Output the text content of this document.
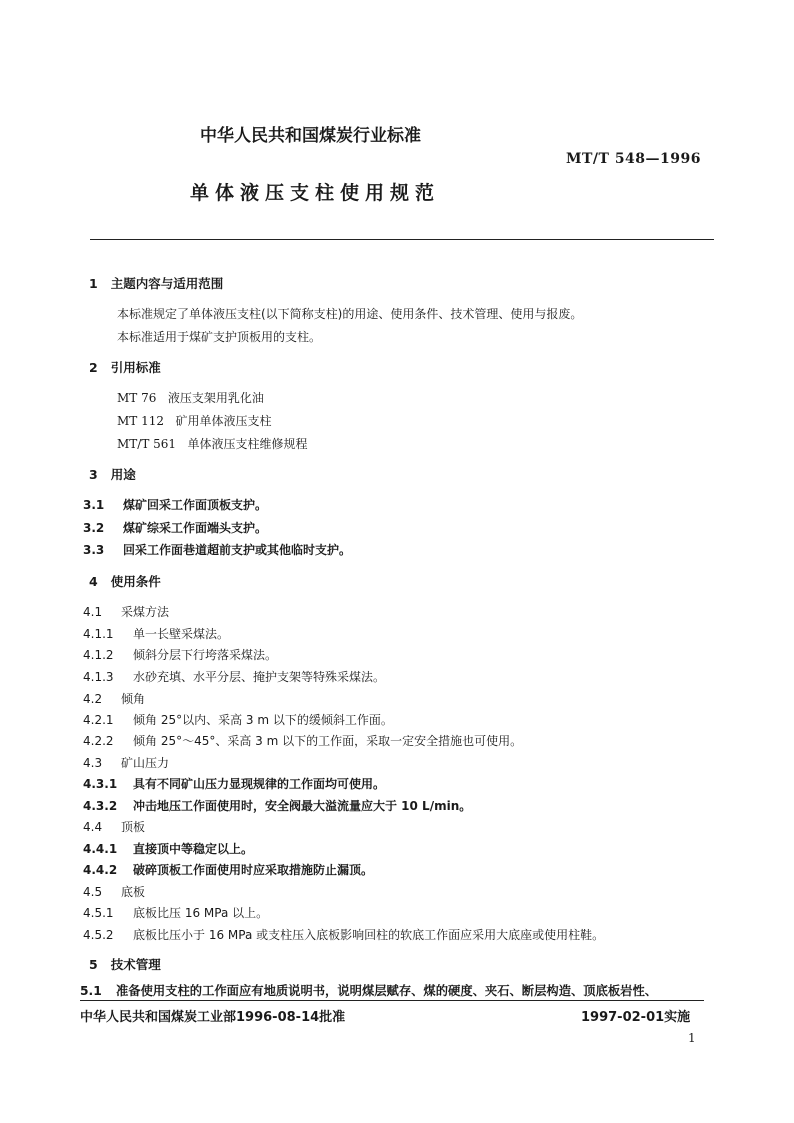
中华人民共和国煤炭行业标准
MT/T 548—1996
单体液压支柱使用规范
1 主题内容与适用范围
本标准规定了单体液压支柱(以下简称支柱)的用途、使用条件、技术管理、使用与报废。
本标准适用于煤矿支护顶板用的支柱。
2 引用标准
MT 76 液压支架用乳化油
MT 112 矿用单体液压支柱
MT/T 561 单体液压支柱维修规程
3 用途
3.1 煤矿回采工作面顶板支护。
3.2 煤矿综采工作面端头支护。
3.3 回采工作面巷道超前支护或其他临时支护。
4 使用条件
4.1 采煤方法
4.1.1 单一长壁采煤法。
4.1.2 倾斜分层下行垮落采煤法。
4.1.3 水砂充填、水平分层、掩护支架等特殊采煤法。
4.2 倾角
4.2.1 倾角 25°以内、采高 3 m 以下的缓倾斜工作面。
4.2.2 倾角 25°～45°、采高 3 m 以下的工作面，采取一定安全措施也可使用。
4.3 矿山压力
4.3.1 具有不同矿山压力显现规律的工作面均可使用。
4.3.2 冲击地压工作面使用时，安全阀最大溢流量应大于 10 L/min。
4.4 顶板
4.4.1 直接顶中等稳定以上。
4.4.2 破碎顶板工作面使用时应采取措施防止漏顶。
4.5 底板
4.5.1 底板比压 16 MPa 以上。
4.5.2 底板比压小于 16 MPa 或支柱压入底板影响回柱的软底工作面应采用大底座或使用柱鞋。
5 技术管理
5.1 准备使用支柱的工作面应有地质说明书，说明煤层赋存、煤的硬度、夹石、断层构造、顶底板岩性、
中华人民共和国煤炭工业部1996-08-14批准	1997-02-01实施
1
